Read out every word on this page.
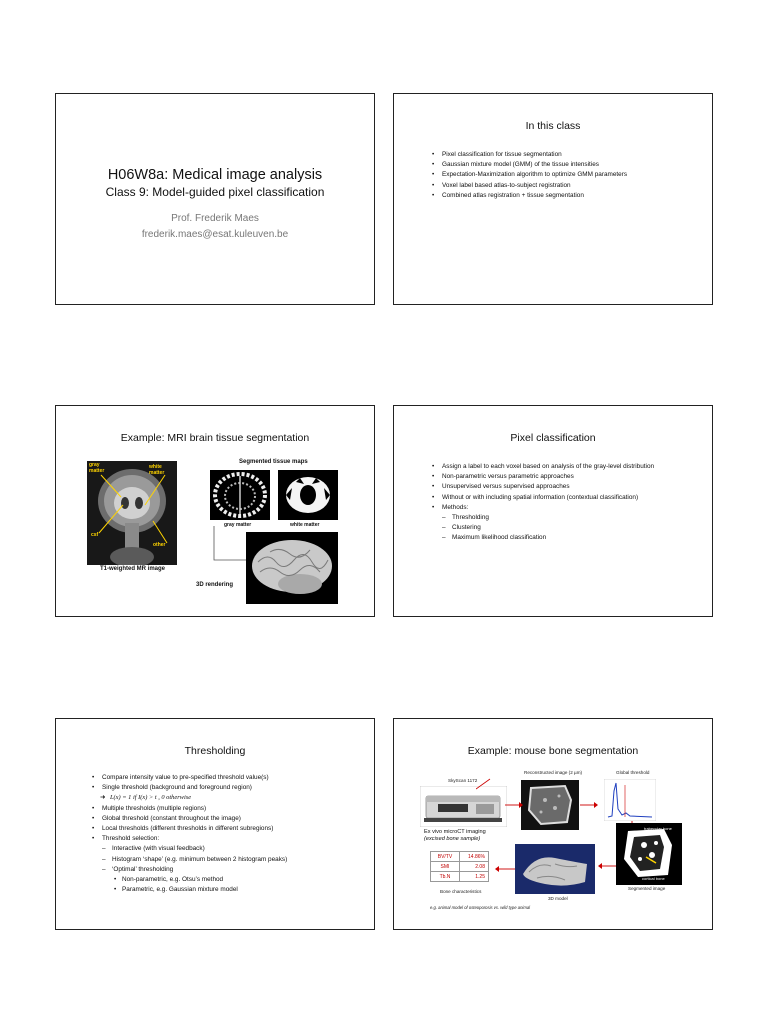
H06W8a: Medical image analysis
Class 9: Model-guided pixel classification
Prof. Frederik Maes
frederik.maes@esat.kuleuven.be
In this class
• Pixel classification for tissue segmentation
• Gaussian mixture model (GMM) of the tissue intensities
• Expectation-Maximization algorithm to optimize GMM parameters
• Voxel label based atlas-to-subject registration
• Combined atlas registration + tissue segmentation
Example: MRI brain tissue segmentation
gray matter
white matter
csf
other
T1-weighted MR image
Segmented tissue maps
gray matter	white matter
3D rendering
Pixel classification
• Assign a label to each voxel based on analysis of the gray-level distribution
• Non-parametric versus parametric approaches
• Unsupervised versus supervised approaches
• Without or with including spatial information (contextual classification)
• Methods:
– Thresholding
– Clustering
– Maximum likelihood classification
Thresholding
• Compare intensity value to pre-specified threshold value(s)
• Single threshold (background and foreground region)
➜ L(x) = 1 if I(x) > t , 0 otherwise
• Multiple thresholds (multiple regions)
• Global threshold (constant throughout the image)
• Local thresholds (different thresholds in different subregions)
• Threshold selection:
– Interactive (with visual feedback)
– Histogram ‘shape’ (e.g. minimum between 2 histogram peaks)
– ‘Optimal’ thresholding
• Non-parametric, e.g. Otsu’s method
• Parametric, e.g. Gaussian mixture model
Example: mouse bone segmentation
SkyScan 1172
Ex vivo microCT imaging
(excised bone sample)
Reconstructed image (2 µm)	Global threshold
trabecular bone
cortical bone
Segmented image
3D model
BV/TV	14.86%
SMI	2.08
Tb.N	1.25
Bone characteristics
e.g. animal model of osteoporosis vs. wild type animal
